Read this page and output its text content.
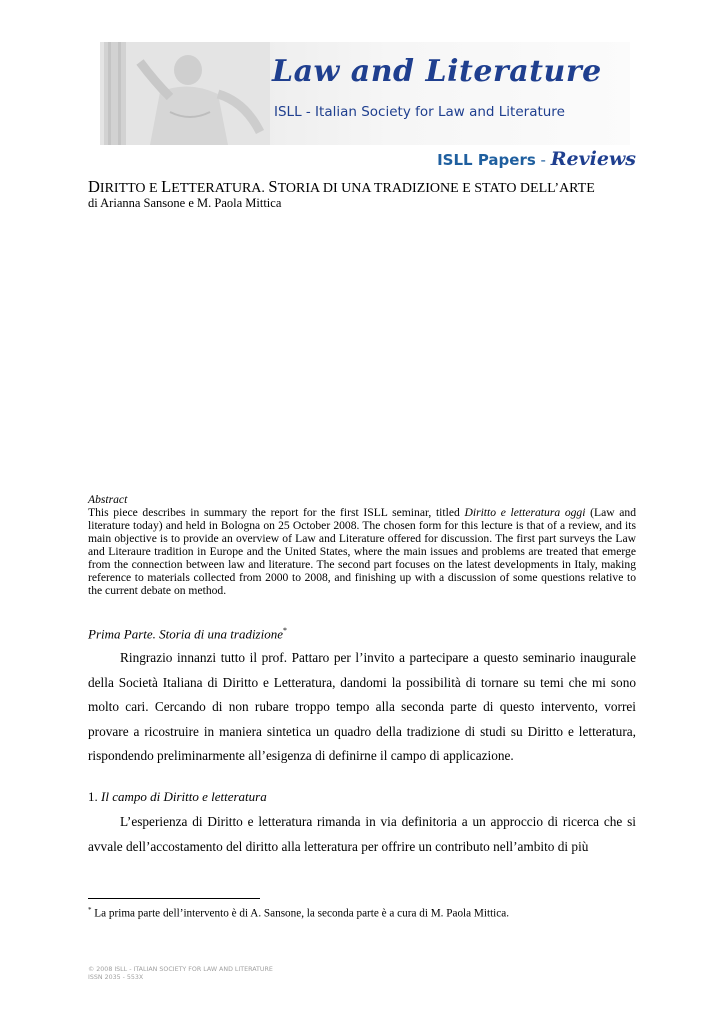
Law and Literature
ISLL - Italian Society for Law and Literature
ISLL Papers - Reviews
DIRITTO E LETTERATURA. STORIA DI UNA TRADIZIONE E STATO DELL’ARTE
di Arianna Sansone e M. Paola Mittica
Abstract

This piece describes in summary the report for the first ISLL seminar, titled Diritto e letteratura oggi (Law and literature today) and held in Bologna on 25 October 2008. The chosen form for this lecture is that of a review, and its main objective is to provide an overview of Law and Literature offered for discussion. The first part surveys the Law and Literaure tradition in Europe and the United States, where the main issues and problems are treated that emerge from the connection between law and literature. The second part focuses on the latest developments in Italy, making reference to materials collected from 2000 to 2008, and finishing up with a discussion of some questions relative to the current debate on method.

Prima Parte. Storia di una tradizione*

Ringrazio innanzi tutto il prof. Pattaro per l’invito a partecipare a questo seminario inaugurale della Società Italiana di Diritto e Letteratura, dandomi la possibilità di tornare su temi che mi sono molto cari. Cercando di non rubare troppo tempo alla seconda parte di questo intervento, vorrei provare a ricostruire in maniera sintetica un quadro della tradizione di studi su Diritto e letteratura, rispondendo preliminarmente all’esigenza di definirne il campo di applicazione.

1. Il campo di Diritto e letteratura

L’esperienza di Diritto e letteratura rimanda in via definitoria a un approccio di ricerca che si avvale dell’accostamento del diritto alla letteratura per offrire un contributo nell’ambito di più

* La prima parte dell’intervento è di A. Sansone, la seconda parte è a cura di M. Paola Mittica.
© 2008 ISLL - ITALIAN SOCIETY FOR LAW AND LITERATURE
ISSN 2035 - 553X
